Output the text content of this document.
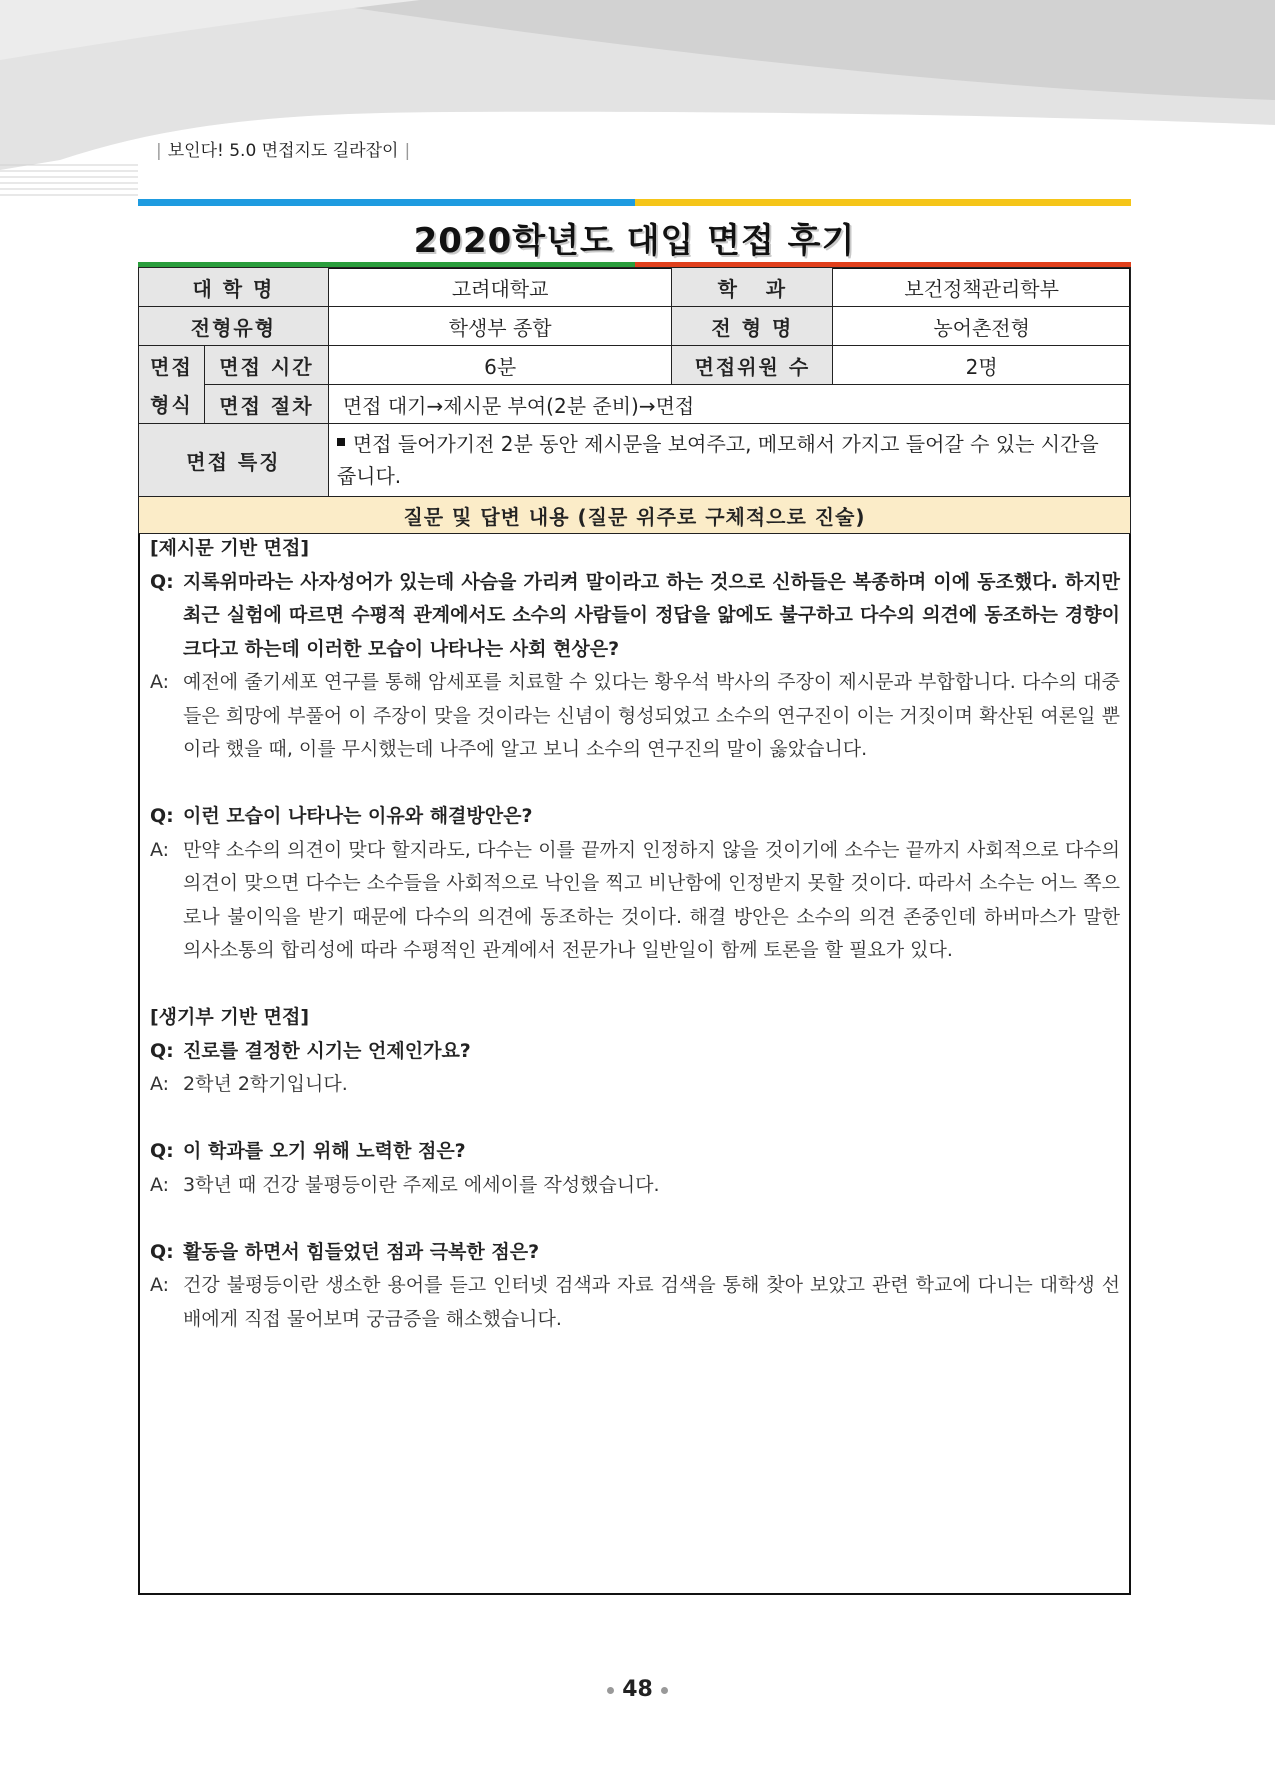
| 보인다! 5.0 면접지도 길라잡이 |
2020학년도 대입 면접 후기
대 학 명		고려대학교	학   과	보건정책관리학부
전형유형		학생부 종합	전 형 명	농어촌전형
면접	면접 시간	6분	면접위원 수	2명
형식	면접 절차	면접 대기→제시문 부여(2분 준비)→면접		
면접 특징		면접 들어가기전 2분 동안 제시문을 보여주고, 메모해서 가지고 들어갈 수 있는 시간을 줍니다.		
질문 및 답변 내용 (질문 위주로 구체적으로 진술)				
[제시문 기반 면접]
Q: 지록위마라는 사자성어가 있는데 사슴을 가리켜 말이라고 하는 것으로 신하들은 복종하며 이에 동조했다. 하지만 최근 실험에 따르면 수평적 관계에서도 소수의 사람들이 정답을 앎에도 불구하고 다수의 의견에 동조하는 경향이 크다고 하는데 이러한 모습이 나타나는 사회 현상은?
A: 예전에 줄기세포 연구를 통해 암세포를 치료할 수 있다는 황우석 박사의 주장이 제시문과 부합합니다. 다수의 대중들은 희망에 부풀어 이 주장이 맞을 것이라는 신념이 형성되었고 소수의 연구진이 이는 거짓이며 확산된 여론일 뿐이라 했을 때, 이를 무시했는데 나주에 알고 보니 소수의 연구진의 말이 옳았습니다.
Q: 이런 모습이 나타나는 이유와 해결방안은?
A: 만약 소수의 의견이 맞다 할지라도, 다수는 이를 끝까지 인정하지 않을 것이기에 소수는 끝까지 사회적으로 다수의 의견이 맞으면 다수는 소수들을 사회적으로 낙인을 찍고 비난함에 인정받지 못할 것이다. 따라서 소수는 어느 쪽으로나 불이익을 받기 때문에 다수의 의견에 동조하는 것이다. 해결 방안은 소수의 의견 존중인데 하버마스가 말한 의사소통의 합리성에 따라 수평적인 관계에서 전문가나 일반일이 함께 토론을 할 필요가 있다.
[생기부 기반 면접]
Q: 진로를 결정한 시기는 언제인가요?
A: 2학년 2학기입니다.
Q: 이 학과를 오기 위해 노력한 점은?
A: 3학년 때 건강 불평등이란 주제로 에세이를 작성했습니다.
Q: 활동을 하면서 힘들었던 점과 극복한 점은?
A: 건강 불평등이란 생소한 용어를 듣고 인터넷 검색과 자료 검색을 통해 찾아 보았고 관련 학교에 다니는 대학생 선배에게 직접 물어보며 궁금증을 해소했습니다.
48
